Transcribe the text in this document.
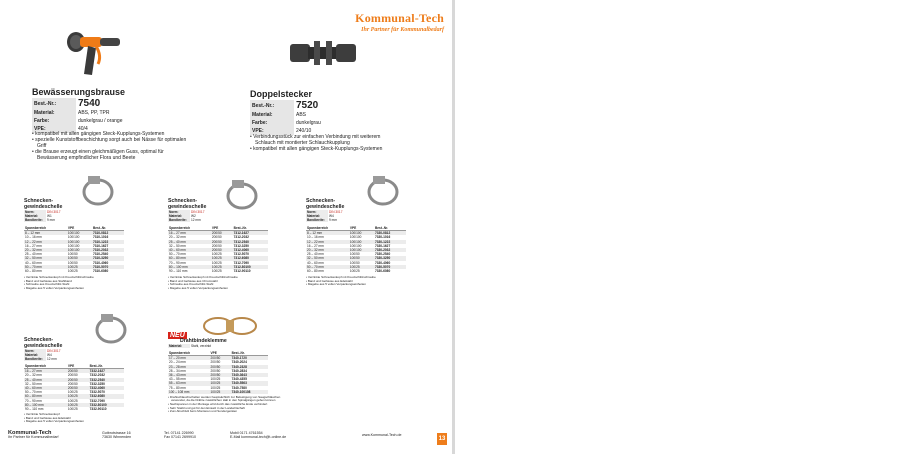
Kommunal-Tech
Ihr Partner für Kommunalbedarf
Bewässerungsbrause
Best.-Nr.:	7540
Material:	ABS, PP, TPR
Farbe:	dunkelgrau / orange
VPE:	40/4
• kompatibel mit allen gängigen Steck-Kupplungs-Systemen
• spezielle Kunststoffbeschichtung sorgt auch bei Nässe für optimalen Griff
• die Brause erzeugt einen gleichmäßigen Guss, optimal für Bewässerung empfindlicher Flora und Beete
Doppelstecker
Best.-Nr.:	7520
Material:	ABS
Farbe:	dunkelgrau
VPE:	240/10
• Verbindungsstück zur einfachen Verbindung mit weiterem Schlauch mit montierter Schlauchkupplung
• kompatibel mit allen gängigen Steck-Kupplungs-Systemen
Schnecken-
gewindeschelle
Norm:	DIN 3017
Material:	W1
Bandbreite:	9 mm
Spannbereich	VPE	Best.-Nr.
8 – 12 mm	100/100	7310-0812
10 – 16 mm	100/100	7310-1016
12 – 22 mm	100/100	7310-1222
16 – 27 mm	100/100	7310-1627
20 – 32 mm	100/100	7310-2032
25 – 40 mm	100/50	7310-2540
32 – 50 mm	100/50	7310-3250
40 – 60 mm	100/50	7310-4060
50 – 70 mm	100/25	7310-5070
60 – 80 mm	100/25	7310-6080
• Verzinkte Schneckenkopf mit Kreuzschlitzschraube
• Band und Gehäuse aus Stahlband
• Schraube aus Kreuzschlitz-Stahl
• Magebe aus 5 vollen Verpackungseinheiten
Schnecken-
gewindeschelle
Norm:	DIN 3017
Material:	W2
Bandbreite:	12 mm
Spannbereich	VPE	Best.-Nr.
16 – 27 mm	200/50	7312-1627
20 – 32 mm	200/50	7312-2032
25 – 40 mm	200/50	7312-2540
32 – 50 mm	200/50	7312-3250
40 – 60 mm	200/50	7312-4060
50 – 70 mm	100/25	7312-5070
60 – 80 mm	100/25	7312-6080
70 – 90 mm	100/25	7312-7090
80 – 100 mm	100/25	7312-80100
90 – 110 mm	100/25	7312-90110
• Verzinkte Schneckenkopf mit Kreuzschlitzschraube
• Band und Gehäuse aus Chromstahl
• Schraube aus Kreuzschlitz-Stahl
• Magebe aus 5 vollen Verpackungseinheiten
Schnecken-
gewindeschelle
Norm:	DIN 3017
Material:	W4
Bandbreite:	9 mm
Spannbereich	VPE	Best.-Nr.
8 – 12 mm	100/100	7330-0812
10 – 16 mm	100/100	7330-1016
12 – 22 mm	100/100	7330-1222
16 – 27 mm	100/100	7330-1627
20 – 32 mm	100/100	7330-2032
25 – 40 mm	100/50	7330-2540
32 – 50 mm	100/50	7330-3250
40 – 60 mm	100/50	7330-4060
50 – 70 mm	100/25	7330-5070
60 – 80 mm	100/25	7330-6080
• Verzinkte Schneckenkopf mit Kreuzschlitzschraube
• Band und Gehäuse aus Edelstahl
• Magebe aus 5 vollen Verpackungseinheiten
Schnecken-
gewindeschelle
Norm:	DIN 3017
Material:	W4
Bandbreite:	12 mm
Spannbereich	VPE	Best.-Nr.
16 – 27 mm	200/50	7332-1627
20 – 32 mm	200/50	7332-2032
25 – 40 mm	200/50	7332-2540
32 – 50 mm	200/50	7332-3250
40 – 60 mm	200/50	7332-4060
50 – 70 mm	100/25	7332-5070
60 – 80 mm	100/25	7332-6080
70 – 90 mm	100/25	7332-7090
80 – 100 mm	100/25	7332-80100
90 – 110 mm	100/25	7332-90110
• Verzinkte Schneckenkopf
• Band und Gehäuse aus Edelstahl
• Magebe aus 5 vollen Verpackungseinheiten
NEU
Drahtbindeklemme
Material:	Stahl, verzinkt
Spannbereich	VPE	Best.-Nr.
17 – 20 mm	200/50	7340-1720
20 – 24 mm	200/50	7340-2024
23 – 28 mm	200/50	7340-2328
28 – 34 mm	200/50	7340-2834
36 – 43 mm	200/50	7340-3643
43 – 55 mm	100/25	7340-4355
55 – 63 mm	100/25	7340-5563
75 – 80 mm	100/25	7340-7580
100 – 108 mm	100/25	7340-100108
• Drahtschlauchschellen werden hauptsächlich zur Befestigung von Saugschläuchen verwendet, da die Drähte zusätzlichen Halt in den Spiralgängen geben können
• Nachspannen in der Montage wird durch das zusätzliche Ende verhindert
• Sehr Stabil und gut für den Einsatz in der Landwirtschaft
• Zum Abschluß beim Montieren und Sondergeräten
Kommunal-Tech
Ihr Partner für Kommunalbedarf
Gutbrotstrasse 16
73630 Winnenden
Tel. 07141 226990
Fax 07141 2699910
Mobil 0171 4761554
E-Mail kommunal-tech@t-online.de
www.Kommunal-Tech.de
13
